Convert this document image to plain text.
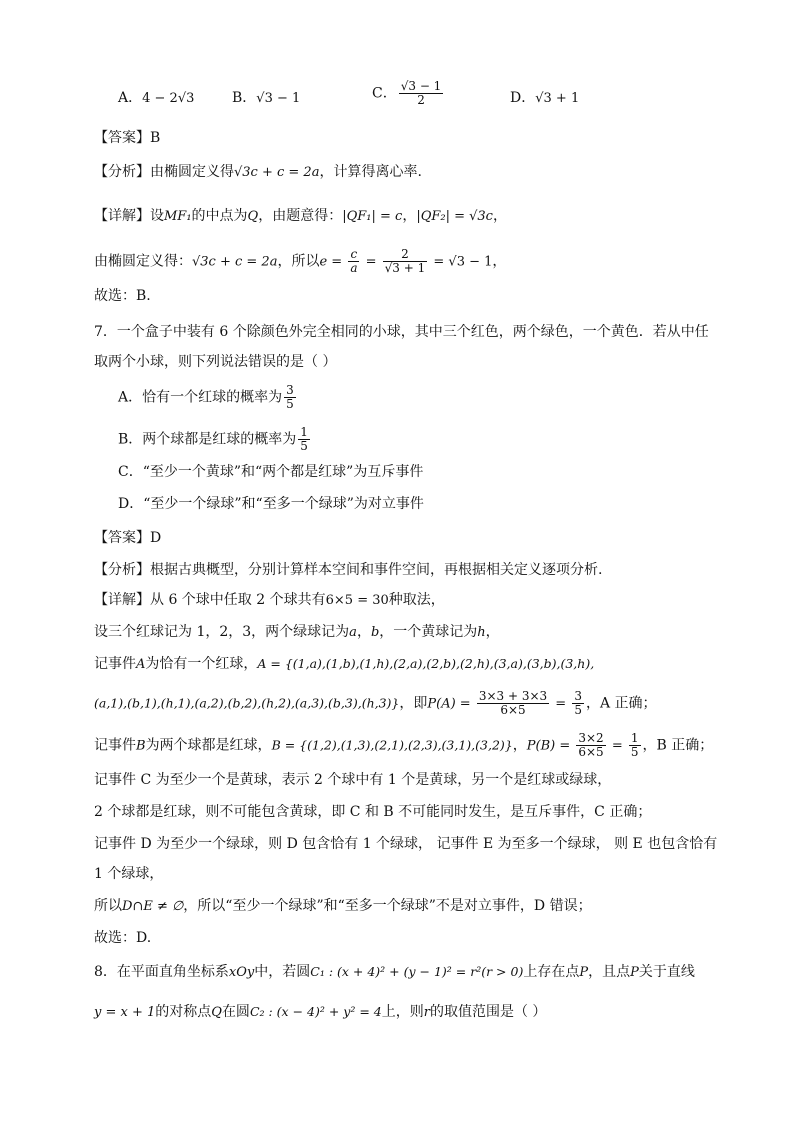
A．4 − 2√3	B．√3 − 1	C． $\frac{√3 - 1}{2}$	D．√3 + 1
【答案】B
【分析】由椭圆定义得√3c + c = 2a，计算得离心率.
【详解】设MF₁的中点为Q，由题意得：|QF₁| = c，|QF₂| = √3c，
由椭圆定义得：√3c + c = 2a，所以$e = \frac{c}{a} = \frac{2}{√3 + 1} = √3 - 1$，
故选：B.
7．一个盒子中装有 6 个除颜色外完全相同的小球，其中三个红色，两个绿色，一个黄色．若从中任
取两个小球，则下列说法错误的是（ ）
A．恰有一个红球的概率为 $\frac{3}{5}$
B．两个球都是红球的概率为 $\frac{1}{5}$
C．“至少一个黄球”和“两个都是红球”为互斥事件
D．“至少一个绿球”和“至多一个绿球”为对立事件
【答案】D
【分析】根据古典概型，分别计算样本空间和事件空间，再根据相关定义逐项分析.
【详解】从 6 个球中任取 2 个球共有6×5 = 30种取法，
设三个红球记为 1，2，3，两个绿球记为a，b，一个黄球记为h，
记事件A为恰有一个红球，A = {(1,a),(1,b),(1,h),(2,a),(2,b),(2,h),(3,a),(3,b),(3,h),
(a,1),(b,1),(h,1),(a,2),(b,2),(h,2),(a,3),(b,3),(h,3)}，即$P(A) = \frac{3\times 3 + 3\times 3}{6\times 5} = \frac{3}{5}$ ，A 正确；
记事件B为两个球都是红球，B = {(1,2),(1,3),(2,1),(2,3),(3,1),(3,2)}，$P(B) = \frac{3\times 2}{6\times 5} = \frac{1}{5}$ ，B 正确；
记事件 C 为至少一个是黄球，表示 2 个球中有 1 个是黄球，另一个是红球或绿球，
2 个球都是红球，则不可能包含黄球，即 C 和 B 不可能同时发生，是互斥事件，C 正确；
记事件 D 为至少一个绿球，则 D 包含恰有 1 个绿球， 记事件 E 为至多一个绿球， 则 E 也包含恰有
1 个绿球，
所以D∩E ≠ ∅，所以“至少一个绿球”和“至多一个绿球”不是对立事件，D 错误；
故选：D.
8．在平面直角坐标系xOy中，若圆C₁ : (x + 4)² + (y − 1)² = r²(r > 0)上存在点P，且点P关于直线
y = x + 1的对称点Q在圆C₂ : (x − 4)² + y² = 4上，则r的取值范围是（ ）
